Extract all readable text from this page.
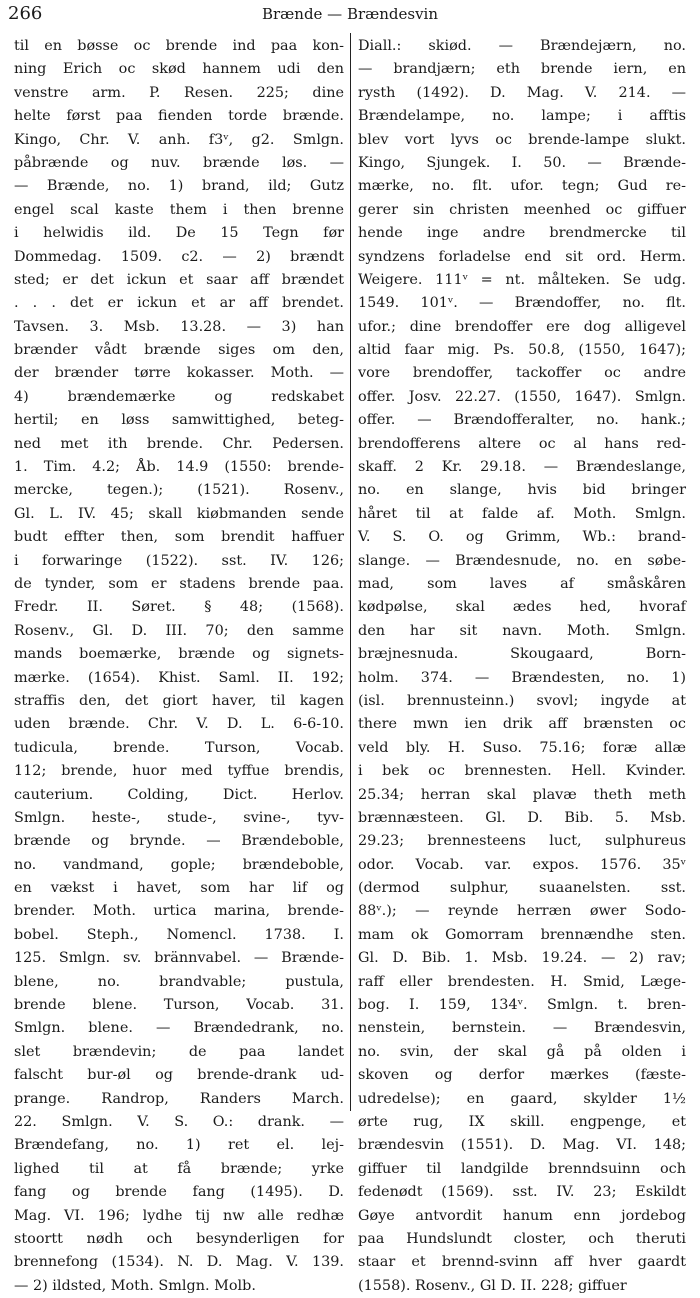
266	Brænde — Brændesvin
til en bøsse oc brende ind paa kon-
ning Erich oc skød hannem udi den
venstre arm. P. Resen. 225; dine
helte først paa fienden torde brænde.
Kingo, Chr. V. anh. f3ᵛ, g2. Smlgn.
påbrænde og nuv. brænde løs. —
— Brænde, no. 1) brand, ild; Gutz
engel scal kaste them i then brenne
i helwidis ild. De 15 Tegn før
Dommedag. 1509. c2. — 2) brændt
sted; er det ickun et saar aff brændet
. . . det er ickun et ar aff brendet.
Tavsen. 3. Msb. 13.28. — 3) han
brænder vådt brænde siges om den,
der brænder tørre kokasser. Moth. —
4) brændemærke og redskabet
hertil; en løss samwittighed, beteg-
ned met ith brende. Chr. Pedersen.
1. Tim. 4.2; Åb. 14.9 (1550: brende-
mercke, tegen.); (1521). Rosenv.,
Gl. L. IV. 45; skall kiøbmanden sende
budt effter then, som brendit haffuer
i forwaringe (1522). sst. IV. 126;
de tynder, som er stadens brende paa.
Fredr. II. Søret. § 48; (1568).
Rosenv., Gl. D. III. 70; den samme
mands boemærke, brænde og signets-
mærke. (1654). Khist. Saml. II. 192;
straffis den, det giort haver, til kagen
uden brænde. Chr. V. D. L. 6-6-10.
tudicula, brende. Turson, Vocab.
112; brende, huor med tyffue brendis,
cauterium. Colding, Dict. Herlov.
Smlgn. heste-, stude-, svine-, tyv-
brænde og brynde. — Brændeboble,
no. vandmand, gople; brændeboble,
en vækst i havet, som har lif og
brender. Moth. urtica marina, brende-
bobel. Steph., Nomencl. 1738. I.
125. Smlgn. sv. brännvabel. — Brænde-
blene, no. brandvable; pustula,
brende blene. Turson, Vocab. 31.
Smlgn. blene. — Brændedrank, no.
slet brændevin; de paa landet
falscht bur-øl og brende-drank ud-
prange. Randrop, Randers March.
22. Smlgn. V. S. O.: drank. —
Brændefang, no. 1) ret el. lej-
lighed til at få brænde; yrke
fang og brende fang (1495). D.
Mag. VI. 196; lydhe tij nw alle redhæ
stoortt nødh och besynderligen for
brennefong (1534). N. D. Mag. V. 139.
— 2) ildsted, Moth. Smlgn. Molb.
Diall.: skiød. — Brændejærn, no.
— brandjærn; eth brende iern, en
rysth (1492). D. Mag. V. 214. —
Brændelampe, no. lampe; i afftis
blev vort lyvs oc brende-lampe slukt.
Kingo, Sjungek. I. 50. — Brænde-
mærke, no. flt. ufor. tegn; Gud re-
gerer sin christen meenhed oc giffuer
hende inge andre brendmercke til
syndzens forladelse end sit ord. Herm.
Weigere. 111ᵛ = nt. målteken. Se udg.
1549. 101ᵛ. — Brændoffer, no. flt.
ufor.; dine brendoffer ere dog alligevel
altid faar mig. Ps. 50.8, (1550, 1647);
vore brendoffer, tackoffer oc andre
offer. Josv. 22.27. (1550, 1647). Smlgn.
offer. — Brændofferalter, no. hank.;
brendofferens altere oc al hans red-
skaff. 2 Kr. 29.18. — Brændeslange,
no. en slange, hvis bid bringer
håret til at falde af. Moth. Smlgn.
V. S. O. og Grimm, Wb.: brand-
slange. — Brændesnude, no. en søbe-
mad, som laves af småskåren
kødpølse, skal ædes hed, hvoraf
den har sit navn. Moth. Smlgn.
bræjnesnuda. Skougaard, Born-
holm. 374. — Brændesten, no. 1)
(isl. brennusteinn.) svovl; ingyde at
there mwn ien drik aff brænsten oc
veld bly. H. Suso. 75.16; foræ allæ
i bek oc brennesten. Hell. Kvinder.
25.34; herran skal plavæ theth meth
brænnæsteen. Gl. D. Bib. 5. Msb.
29.23; brennesteens luct, sulphureus
odor. Vocab. var. expos. 1576. 35ᵛ
(dermod sulphur, suaanelsten. sst.
88ᵛ.); — reynde herræn øwer Sodo-
mam ok Gomorram brennændhe sten.
Gl. D. Bib. 1. Msb. 19.24. — 2) rav;
raff eller brendesten. H. Smid, Læge-
bog. I. 159, 134ᵛ. Smlgn. t. bren-
nenstein, bernstein. — Brændesvin,
no. svin, der skal gå på olden i
skoven og derfor mærkes (fæste-
udredelse); en gaard, skylder 1½
ørte rug, IX skill. engpenge, et
brændesvin (1551). D. Mag. VI. 148;
giffuer til landgilde brenndsuinn och
fedenødt (1569). sst. IV. 23; Eskildt
Gøye antvordit hanum enn jordebog
paa Hundslundt closter, och theruti
staar et brennd-svinn aff hver gaardt
(1558). Rosenv., Gl D. II. 228; giffuer
